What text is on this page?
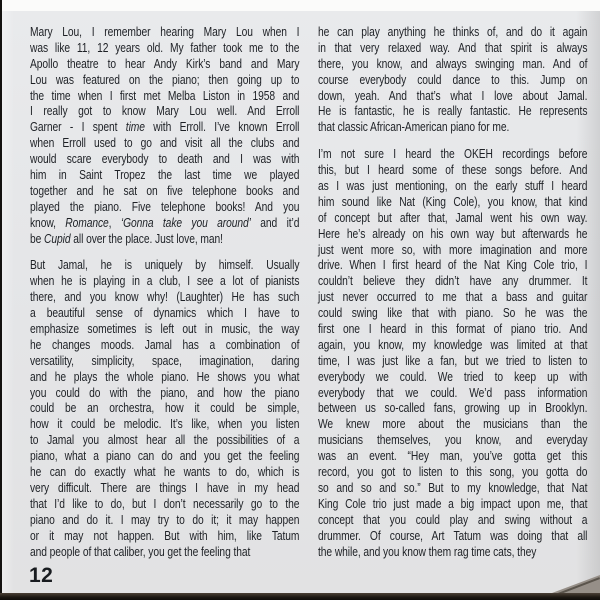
Mary Lou, I remember hearing Mary Lou when I
was like 11, 12 years old. My father took me to the
Apollo theatre to hear Andy Kirk’s band and Mary
Lou was featured on the piano; then going up to
the time when I first met Melba Liston in 1958 and
I really got to know Mary Lou well. And Erroll
Garner - I spent time with Erroll. I’ve known Erroll
when Erroll used to go and visit all the clubs and
would scare everybody to death and I was with
him in Saint Tropez the last time we played
together and he sat on five telephone books and
played the piano. Five telephone books! And you
know, Romance, ‘Gonna take you around’ and it’d
be Cupid all over the place. Just love, man!
But Jamal, he is uniquely by himself. Usually
when he is playing in a club, I see a lot of pianists
there, and you know why! (Laughter) He has such
a beautiful sense of dynamics which I have to
emphasize sometimes is left out in music, the way
he changes moods. Jamal has a combination of
versatility, simplicity, space, imagination, daring
and he plays the whole piano. He shows you what
you could do with the piano, and how the piano
could be an orchestra, how it could be simple,
how it could be melodic. It’s like, when you listen
to Jamal you almost hear all the possibilities of a
piano, what a piano can do and you get the feeling
he can do exactly what he wants to do, which is
very difficult. There are things I have in my head
that I’d like to do, but I don’t necessarily go to the
piano and do it. I may try to do it; it may happen
or it may not happen. But with him, like Tatum
and people of that caliber, you get the feeling that
he can play anything he thinks of, and do it again
in that very relaxed way. And that spirit is always
there, you know, and always swinging man. And of
course everybody could dance to this. Jump on
down, yeah. And that’s what I love about Jamal.
He is fantastic, he is really fantastic. He represents
that classic African-American piano for me.
I’m not sure I heard the OKEH recordings before
this, but I heard some of these songs before. And
as I was just mentioning, on the early stuff I heard
him sound like Nat (King Cole), you know, that kind
of concept but after that, Jamal went his own way.
Here he’s already on his own way but afterwards he
just went more so, with more imagination and more
drive. When I first heard of the Nat King Cole trio, I
couldn’t believe they didn’t have any drummer. It
just never occurred to me that a bass and guitar
could swing like that with piano. So he was the
first one I heard in this format of piano trio. And
again, you know, my knowledge was limited at that
time, I was just like a fan, but we tried to listen to
everybody we could. We tried to keep up with
everybody that we could. We’d pass information
between us so-called fans, growing up in Brooklyn.
We knew more about the musicians than the
musicians themselves, you know, and everyday
was an event. “Hey man, you’ve gotta get this
record, you got to listen to this song, you gotta do
so and so and so.” But to my knowledge, that Nat
King Cole trio just made a big impact upon me, that
concept that you could play and swing without a
drummer. Of course, Art Tatum was doing that all
the while, and you know them rag time cats, they
12
